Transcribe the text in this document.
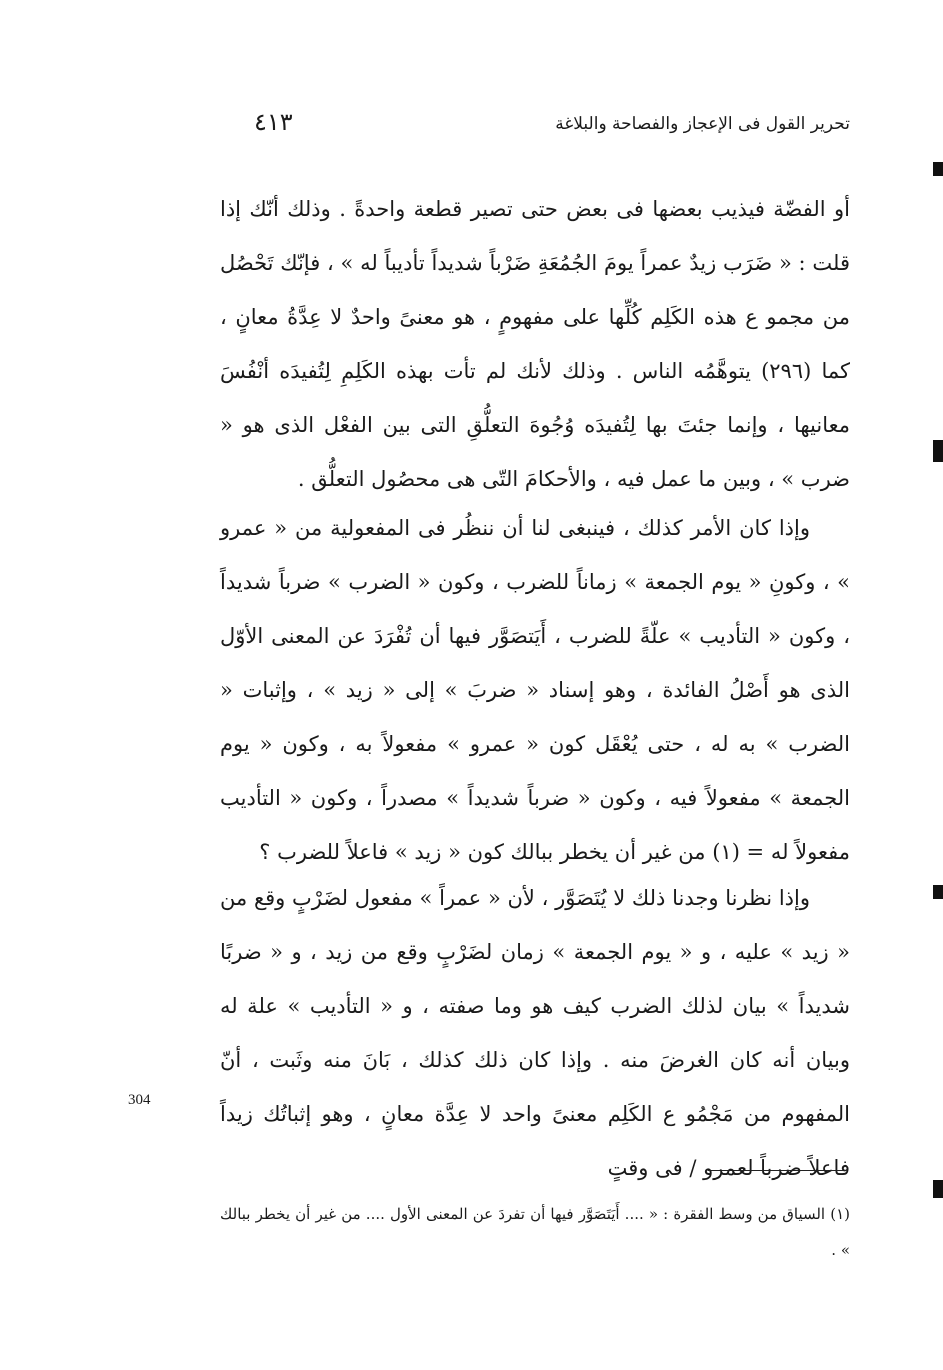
تحرير القول فى الإعجاز والفصاحة والبلاغة
٤١٣

أو الفضّة فيذيب بعضها فى بعض حتى تصير قطعة واحدةً . وذلك أنّك إذا قلت : « ضَرَب زيدٌ عمراً يومَ الجُمُعَةِ ضَرْباً شديداً تأديباً له » ، فإنّك تَحْصُل من مجمو ع هذه الكَلِم كُلِّها على مفهومٍ ، هو معنىً واحدٌ لا عِدَّةُ معانٍ ، كما (٢٩٦) يتوهَّمُه الناس . وذلك لأنك لم تأت بهذه الكَلِمِ لِتُفيدَه أنْفُسَ معانيها ، وإنما جئتَ بها لِتُفيدَه وُجُوهَ التعلُّقِ التى بين الفعْل الذى هو « ضرب » ، وبين ما عمل فيه ، والأحكامَ التّى هى محصُول التعلُّق .

وإذا كان الأمر كذلك ، فينبغى لنا أن ننظُر فى المفعولية من « عمرو » ، وكونِ « يوم الجمعة » زماناً للضرب ، وكون « الضرب » ضرباً شديداً ، وكون « التأديب » علّةً للضرب ، أَيَتصَوَّر فيها أن تُفْرَدَ عن المعنى الأوّل الذى هو أَصْلُ الفائدة ، وهو إسناد « ضربَ » إلى « زيد » ، وإثبات « الضرب » به له ، حتى يُعْقَل كون « عمرو » مفعولاً به ، وكون « يوم الجمعة » مفعولاً فيه ، وكون « ضرباً شديداً » مصدراً ، وكون « التأديب مفعولاً له = (١) من غير أن يخطر ببالك كون « زيد » فاعلاً للضرب ؟

وإذا نظرنا وجدنا ذلك لا يُتَصَوَّر ، لأن « عمراً » مفعول لضَرْبٍ وقع من « زيد » عليه ، و « يوم الجمعة » زمان لضَرْبٍ وقع من زيد ، و « ضربًا شديداً » بيان لذلك الضرب كيف هو وما صفته ، و « التأديب » علة له وبيان أنه كان الغرضَ منه . وإذا كان ذلك كذلك ، بَانَ منه وثَبت ، أنّ المفهوم من مَجْمُو ع الكَلِم معنىً واحد لا عِدَّة معانٍ ، وهو إثباتُك زيداً فاعلاً ضرباً لعمرو / فى وقتٍ

304

(١) السياق من وسط الفقرة : « .... أَيَتَصَوَّر فيها أن تفردَ عن المعنى الأول .... من غير أن يخطر ببالك » .
